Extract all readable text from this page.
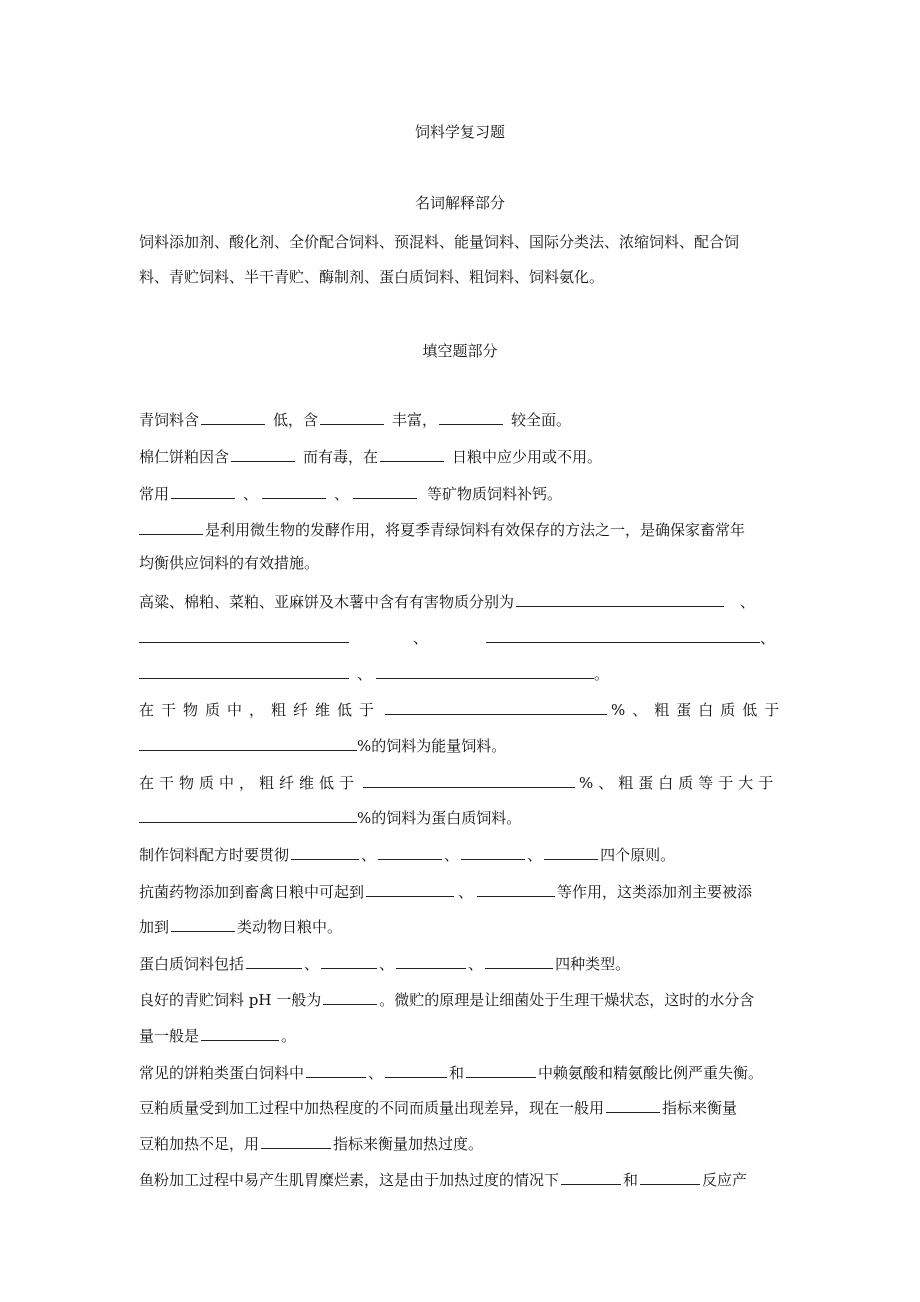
饲料学复习题
名词解释部分
饲料添加剂、酸化剂、全价配合饲料、预混料、能量饲料、国际分类法、浓缩饲料、配合饲
料、青贮饲料、半干青贮、酶制剂、蛋白质饲料、粗饲料、饲料氨化。
填空题部分
青饲料含	低，含	丰富，	较全面。
棉仁饼粕因含	而有毒，在	日粮中应少用或不用。
常用	、	、	等矿物质饲料补钙。
是利用微生物的发酵作用，将夏季青绿饲料有效保存的方法之一，是确保家畜常年
均衡供应饲料的有效措施。
高粱、棉粕、菜粕、亚麻饼及木薯中含有有害物质分别为	、
、	、
、	。
在干物质中，粗纤维低于	%、粗蛋白质低于
%的饲料为能量饲料。
在干物质中，粗纤维低于	%、粗蛋白质等于大于
%的饲料为蛋白质饲料。
制作饲料配方时要贯彻	、	、	、	四个原则。
抗菌药物添加到畜禽日粮中可起到	、	等作用，这类添加剂主要被添
加到	类动物日粮中。
蛋白质饲料包括	、	、	、	四种类型。
良好的青贮饲料 pH 一般为	。微贮的原理是让细菌处于生理干燥状态，这时的水分含
量一般是	。
常见的饼粕类蛋白饲料中	、	和	中赖氨酸和精氨酸比例严重失衡。
豆粕质量受到加工过程中加热程度的不同而质量出现差异，现在一般用	指标来衡量
豆粕加热不足，用	指标来衡量加热过度。
鱼粉加工过程中易产生肌胃糜烂素，这是由于加热过度的情况下	和	反应产
